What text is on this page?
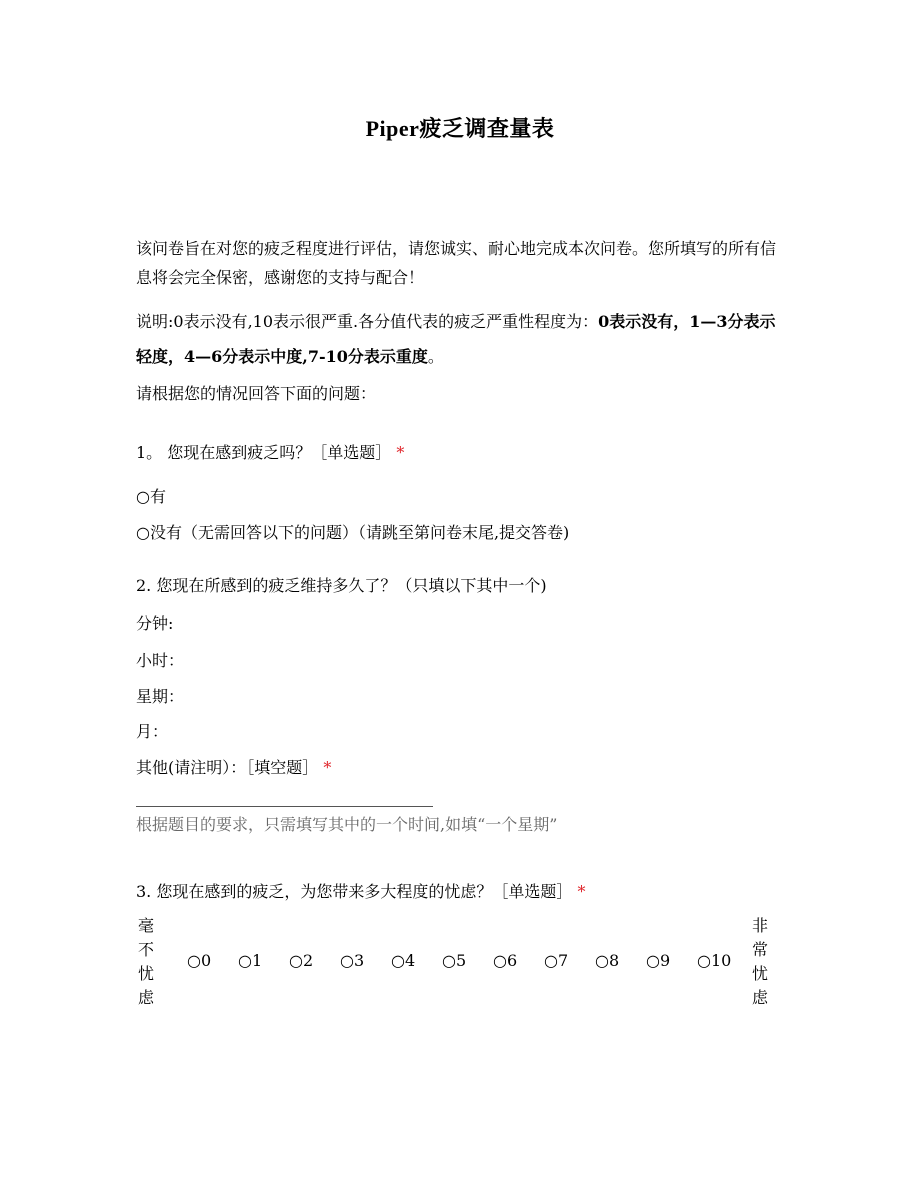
Piper疲乏调查量表
该问卷旨在对您的疲乏程度进行评估，请您诚实、耐心地完成本次问卷。您所填写的所有信息将会完全保密，感谢您的支持与配合！
说明:0表示没有,10表示很严重.各分值代表的疲乏严重性程度为：0表示没有，1—3分表示轻度，4—6分表示中度,7-10分表示重度。
请根据您的情况回答下面的问题：
1。 您现在感到疲乏吗？［单选题］ *
○有
○没有（无需回答以下的问题）（请跳至第问卷末尾,提交答卷)
2. 您现在所感到的疲乏维持多久了？（只填以下其中一个)
分钟:
小时：
星期：
月：
其他(请注明）：［填空题］ *
根据题目的要求，只需填写其中的一个时间,如填“一个星期”
3. 您现在感到的疲乏，为您带来多大程度的忧虑？［单选题］ *
毫不忧虑
○0 ○1 ○2 ○3 ○4 ○5 ○6 ○7 ○8 ○9 ○10
非常忧虑
